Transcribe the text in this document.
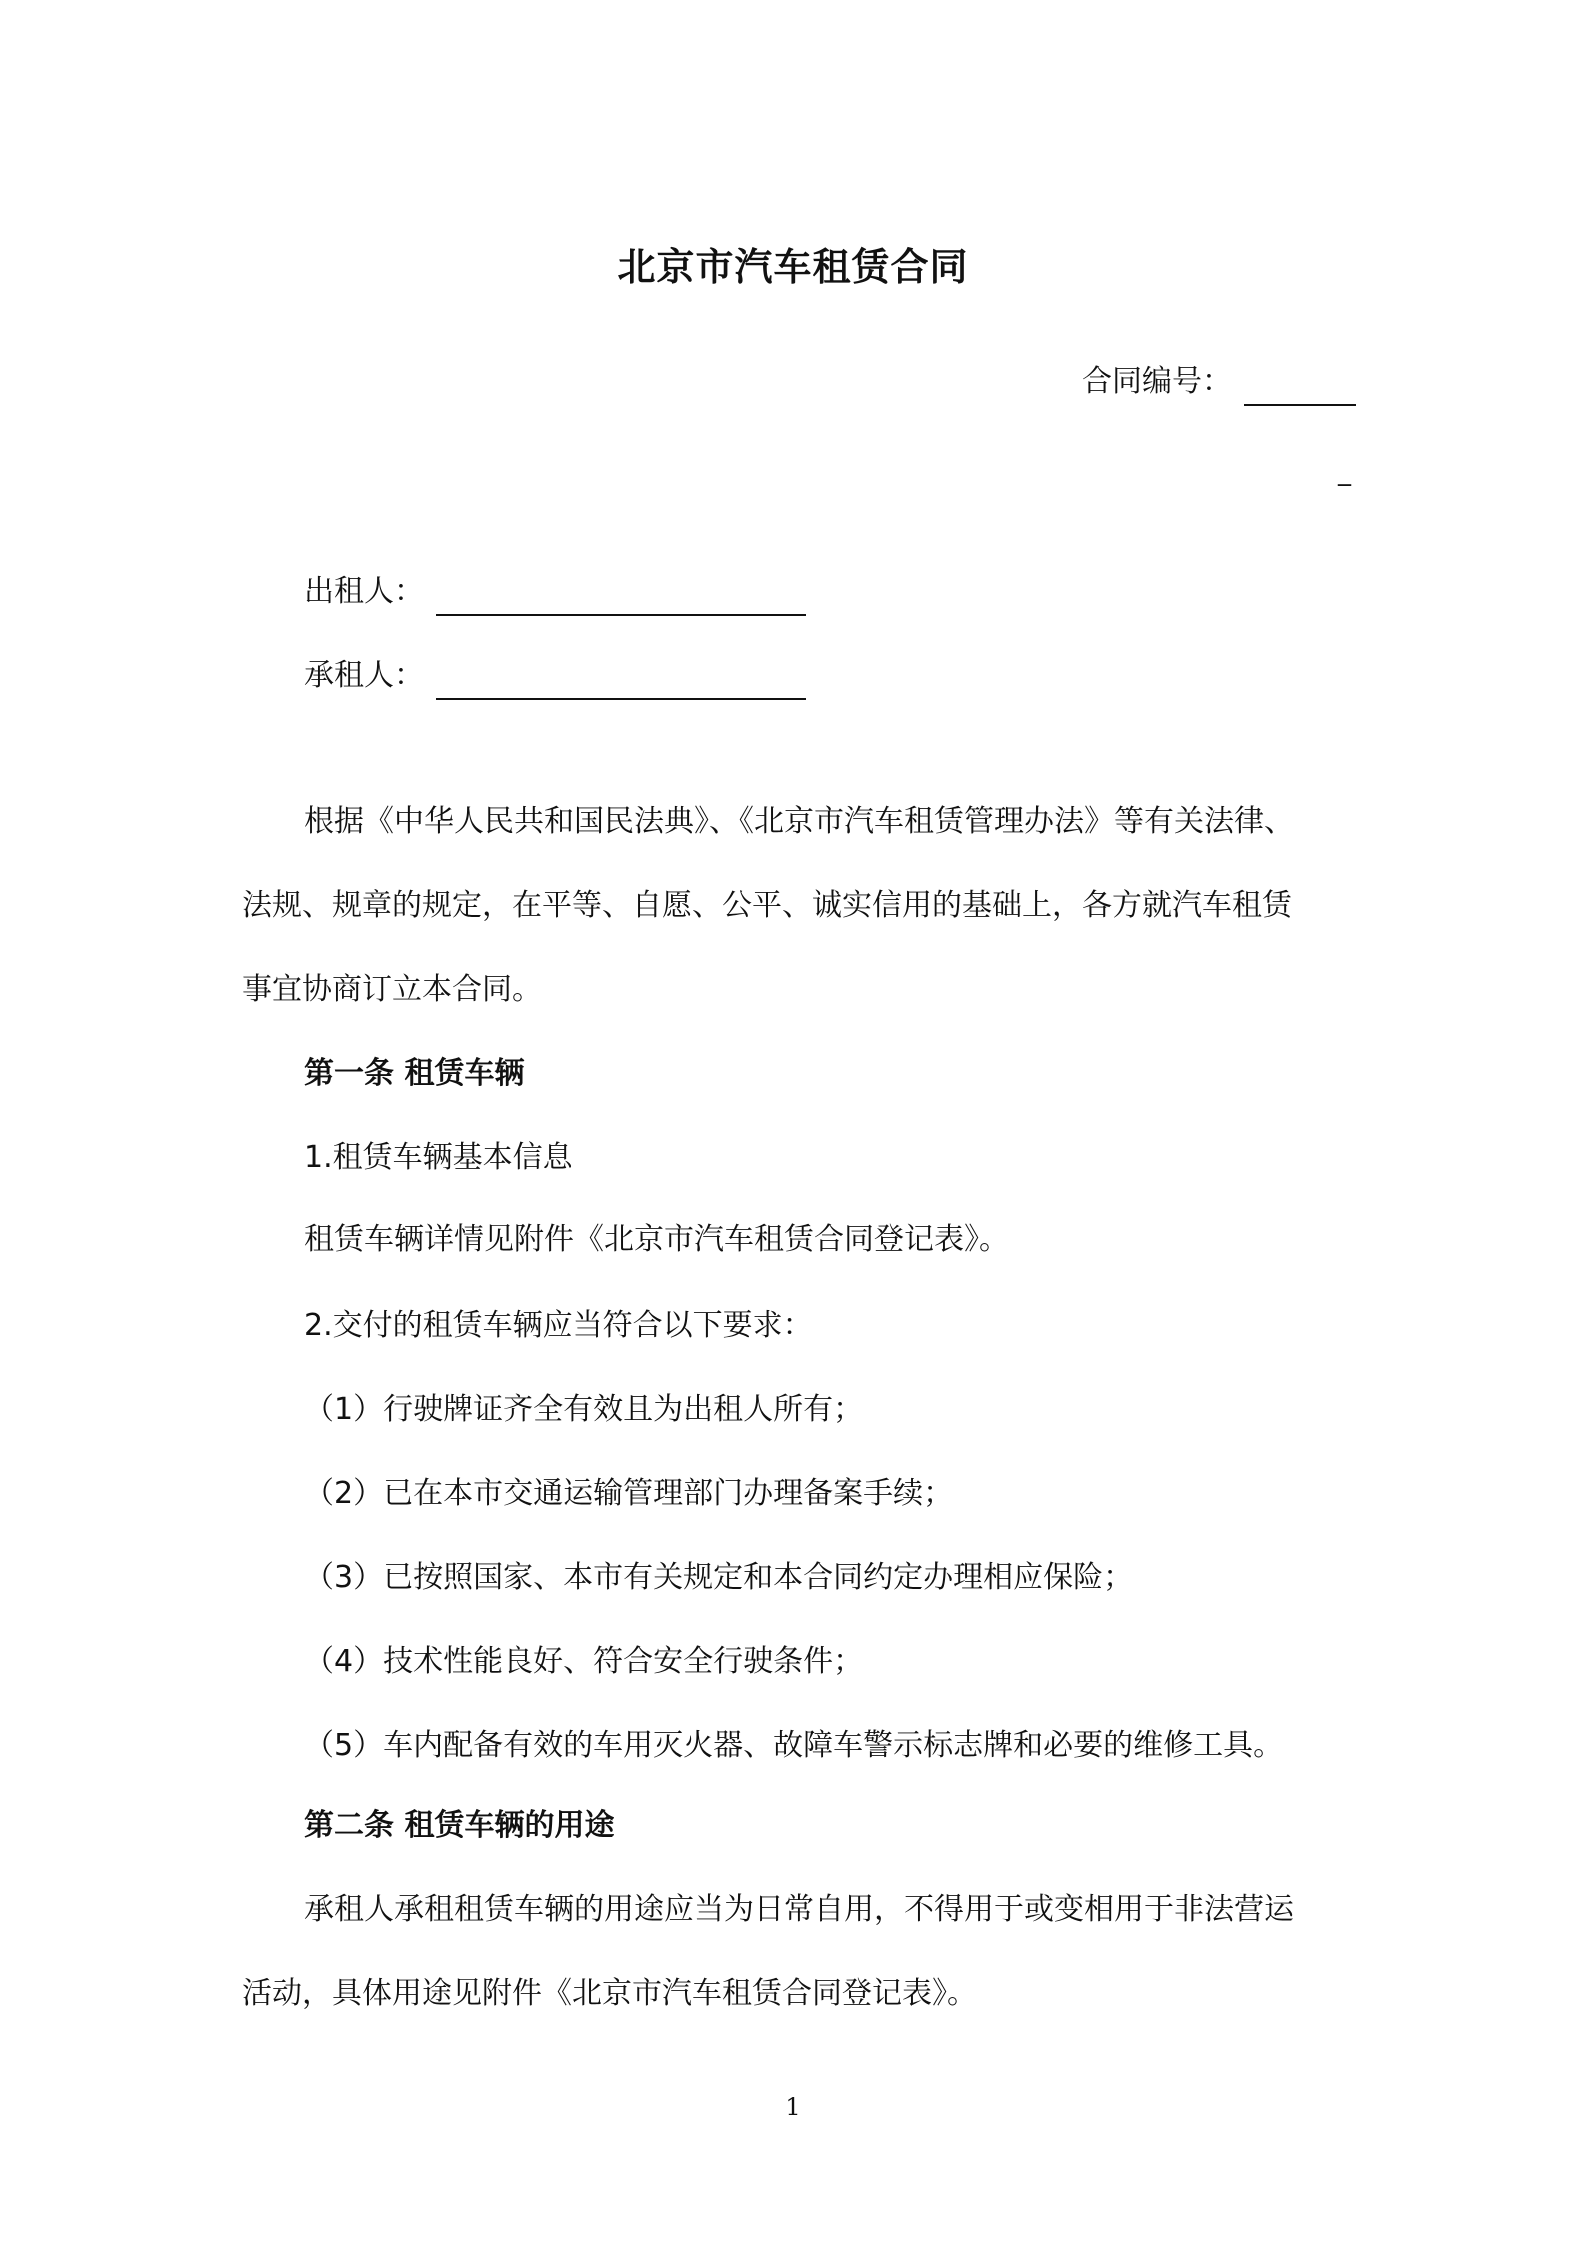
北京市汽车租赁合同
合同编号：
_
出租人：
承租人：
根据《中华人民共和国民法典》、《北京市汽车租赁管理办法》等有关法律、
法规、规章的规定，在平等、自愿、公平、诚实信用的基础上，各方就汽车租赁
事宜协商订立本合同。
第一条 租赁车辆
1.租赁车辆基本信息
租赁车辆详情见附件《北京市汽车租赁合同登记表》。
2.交付的租赁车辆应当符合以下要求：
（1）行驶牌证齐全有效且为出租人所有；
（2）已在本市交通运输管理部门办理备案手续；
（3）已按照国家、本市有关规定和本合同约定办理相应保险；
（4）技术性能良好、符合安全行驶条件；
（5）车内配备有效的车用灭火器、故障车警示标志牌和必要的维修工具。
第二条 租赁车辆的用途
承租人承租租赁车辆的用途应当为日常自用，不得用于或变相用于非法营运
活动，具体用途见附件《北京市汽车租赁合同登记表》。
1
